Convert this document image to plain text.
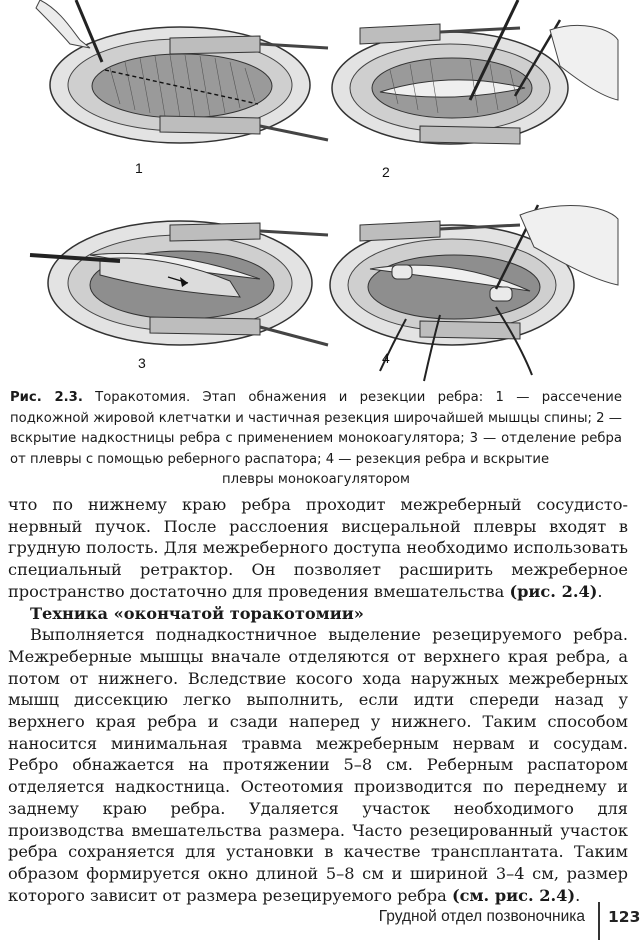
1	2
3	4
Рис. 2.3. Торакотомия. Этап обнажения и резекции ребра: 1 — рассечение подкожной жировой клетчатки и частичная резекция широчайшей мышцы спины; 2 — вскрытие надкостницы ребра с применением монокоагулятора; 3 — отделение ребра от плевры с помощью реберного распатора; 4 — резекция ребра и вскрытие
плевры монокоагулятором

что по нижнему краю ребра проходит межреберный сосудисто-нервный пучок. После расслоения висцеральной плевры входят в грудную полость. Для межреберного доступа необходимо использовать специальный ретрактор. Он позволяет расширить межреберное пространство достаточно для проведения вмешательства (рис. 2.4).

Техника «окончатой торакотомии»

Выполняется поднадкостничное выделение резецируемого ребра. Межреберные мышцы вначале отделяются от верхнего края ребра, а потом от нижнего. Вследствие косого хода наружных межреберных мышц диссекцию легко выполнить, если идти спереди назад у верхнего края ребра и сзади наперед у нижнего. Таким способом наносится минимальная травма межреберным нервам и сосудам. Ребро обнажается на протяжении 5–8 см. Реберным распатором отделяется надкостница. Остеотомия производится по переднему и заднему краю ребра. Удаляется участок необходимого для производства вмешательства размера. Часто резецированный участок ребра сохраняется для установки в качестве трансплантата. Таким образом формируется окно длиной 5–8 см и шириной 3–4 см, размер которого зависит от размера резецируемого ребра (см. рис. 2.4).

Грудной отдел позвоночника 123
